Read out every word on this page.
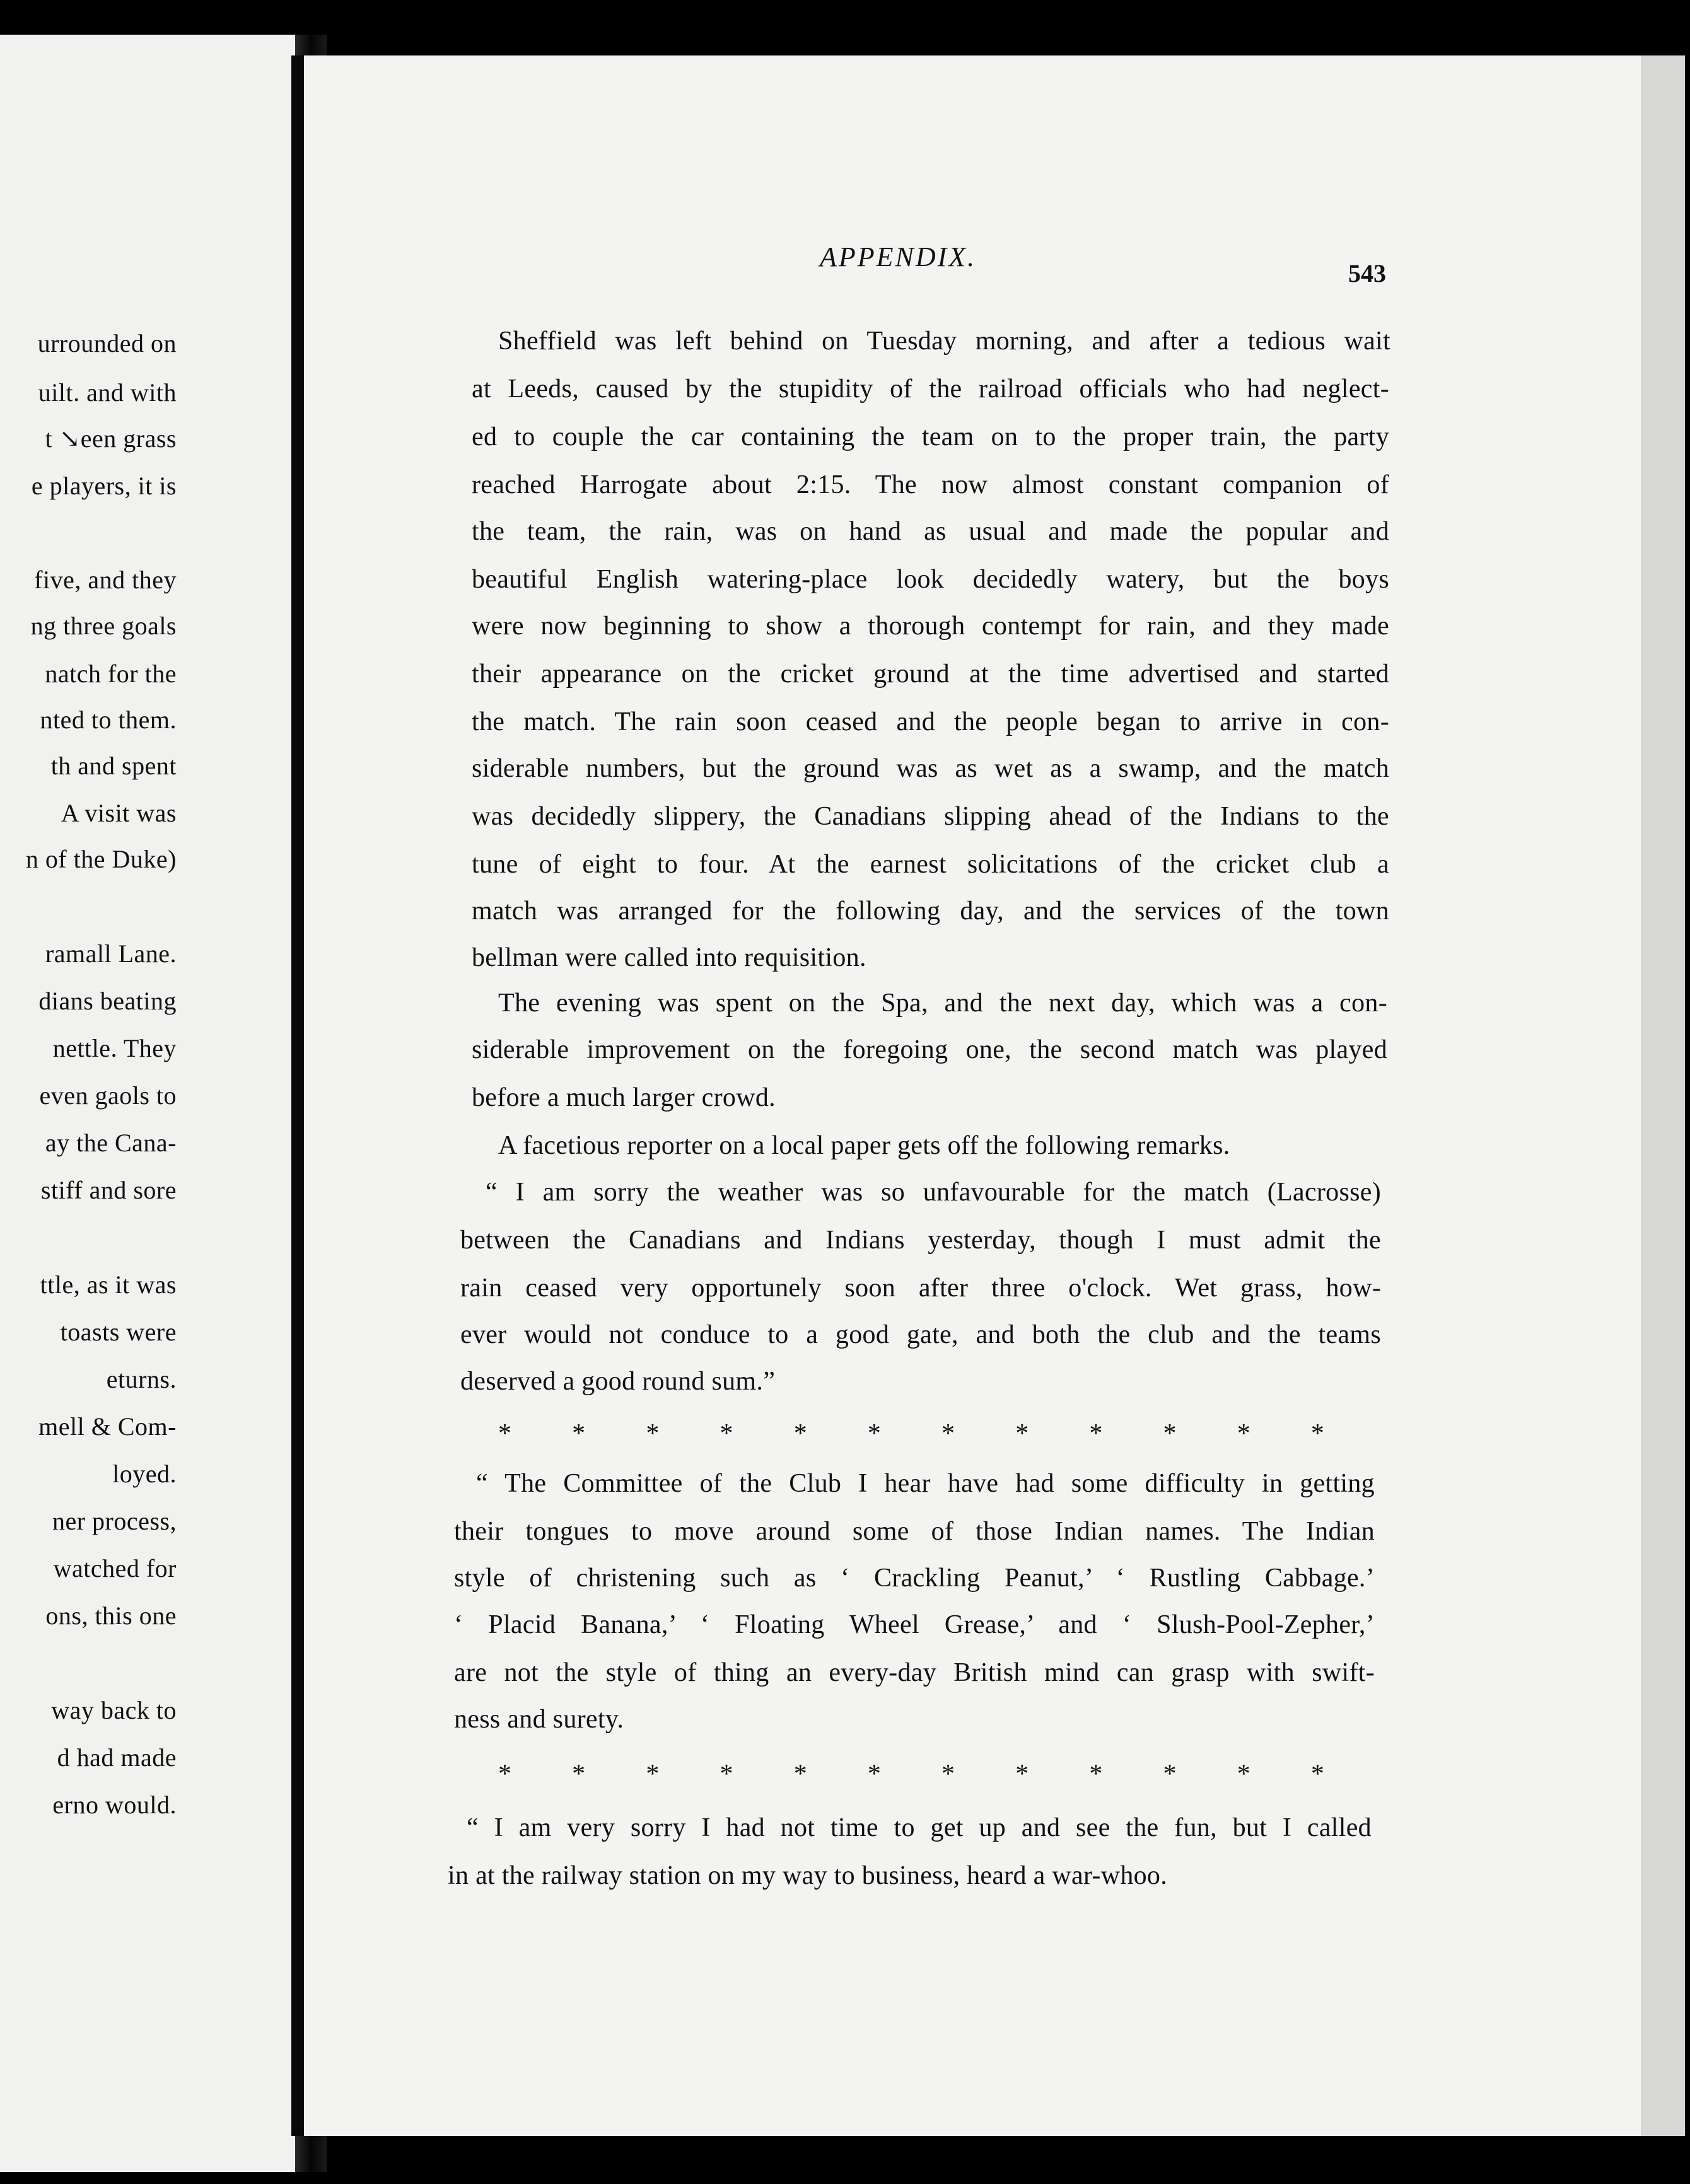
urrounded on
uilt. and with
t ↘een grass
e players, it is
five, and they
ng three goals
natch for the
nted to them.
th and spent
A visit was
n of the Duke)
ramall Lane.
dians beating
nettle. They
even gaols to
ay the Cana-
stiff and sore
ttle, as it was
toasts were
eturns.
mell & Com-
loyed.
ner process,
watched for
ons, this one
way back to
d had made
erno would.
APPENDIX.
543
Sheffield was left behind on Tuesday morning, and after a tedious wait
at Leeds, caused by the stupidity of the railroad officials who had neglect-
ed to couple the car containing the team on to the proper train, the party
reached Harrogate about 2:15. The now almost constant companion of
the team, the rain, was on hand as usual and made the popular and
beautiful English watering-place look decidedly watery, but the boys
were now beginning to show a thorough contempt for rain, and they made
their appearance on the cricket ground at the time advertised and started
the match. The rain soon ceased and the people began to arrive in con-
siderable numbers, but the ground was as wet as a swamp, and the match
was decidedly slippery, the Canadians slipping ahead of the Indians to the
tune of eight to four. At the earnest solicitations of the cricket club a
match was arranged for the following day, and the services of the town
bellman were called into requisition.
The evening was spent on the Spa, and the next day, which was a con-
siderable improvement on the foregoing one, the second match was played
before a much larger crowd.
A facetious reporter on a local paper gets off the following remarks.
“ I am sorry the weather was so unfavourable for the match (Lacrosse)
between the Canadians and Indians yesterday, though I must admit the
rain ceased very opportunely soon after three o'clock. Wet grass, how-
ever would not conduce to a good gate, and both the club and the teams
deserved a good round sum.”
“ The Committee of the Club I hear have had some difficulty in getting
their tongues to move around some of those Indian names. The Indian
style of christening such as ‘ Crackling Peanut,’ ‘ Rustling Cabbage.’
‘ Placid Banana,’ ‘ Floating Wheel Grease,’ and ‘ Slush-Pool-Zepher,’
are not the style of thing an every-day British mind can grasp with swift-
ness and surety.
“ I am very sorry I had not time to get up and see the fun, but I called
in at the railway station on my way to business, heard a war-whoo.
* * * * * * * * * * * *
* * * * * * * * * * * *
